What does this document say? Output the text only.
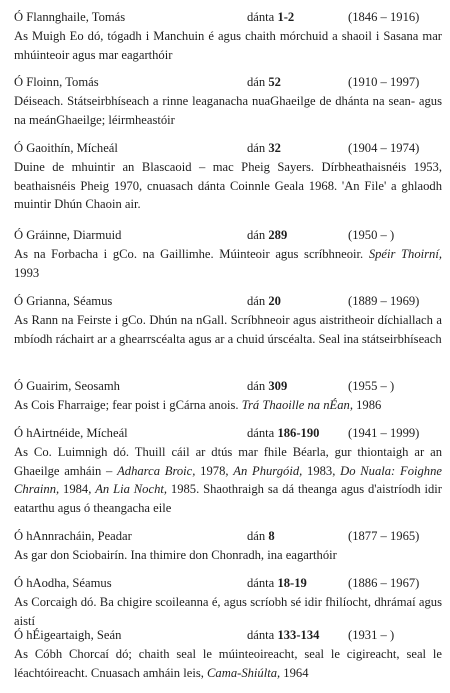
Ó Flannghaile, Tomás	dánta 1-2	(1846 – 1916)
As Muigh Eo dó, tógadh i Manchuin é agus chaith mórchuid a shaoil i Sasana mar mhúinteoir agus mar eagarthóir
Ó Floinn, Tomás	dán 52	(1910 – 1997)
Déiseach. Státseirbhíseach a rinne leaganacha nuaGhaeilge de dhánta na sean- agus na meánGhaeilge; léirmheastóir
Ó Gaoithín, Mícheál	dán 32	(1904 – 1974)
Duine de mhuintir an Blascaoid – mac Pheig Sayers. Dírbheathaisnéis 1953, beathaisnéis Pheig 1970, cnuasach dánta Coinnle Geala 1968. 'An File' a ghlaodh muintir Dhún Chaoin air.
Ó Gráinne, Diarmuid	dán 289	(1950 – )
As na Forbacha i gCo. na Gaillimhe. Múinteoir agus scríbhneoir. Spéir Thoirní, 1993
Ó Grianna, Séamus	dán 20	(1889 – 1969)
As Rann na Feirste i gCo. Dhún na nGall. Scríbhneoir agus aistritheoir díchiallach a mbíodh ráchairt ar a ghearrscéalta agus ar a chuid úrscéalta. Seal ina státseirbhíseach
Ó Guairim, Seosamh	dán 309	(1955 – )
As Cois Fharraige; fear poist i gCárna anois. Trá Thaoille na nÉan, 1986
Ó hAirtnéide, Mícheál	dánta 186-190 (1941 – 1999)
As Co. Luimnigh dó. Thuill cáil ar dtús mar fhile Béarla, gur thiontaigh ar an Ghaeilge amháin – Adharca Broic, 1978, An Phurgóid, 1983, Do Nuala: Foighne Chrainn, 1984, An Lia Nocht, 1985. Shaothraigh sa dá theanga agus d'aistríodh idir eatarthu agus ó theangacha eile
Ó hAnnracháin, Peadar	dán 8	(1877 – 1965)
As gar don Sciobairín. Ina thimire don Chonradh, ina eagarthóir
Ó hAodha, Séamus	dánta 18-19	(1886 – 1967)
As Corcaigh dó. Ba chigire scoileanna é, agus scríobh sé idir fhilíocht, dhrámaí agus aistí
Ó hÉigeartaigh, Seán	dánta 133-134 (1931 – )
As Cóbh Chorcaí dó; chaith seal le múinteoireacht, seal le cigireacht, seal le léachtóireacht. Cnuasach amháin leis, Cama-Shiúlta, 1964
